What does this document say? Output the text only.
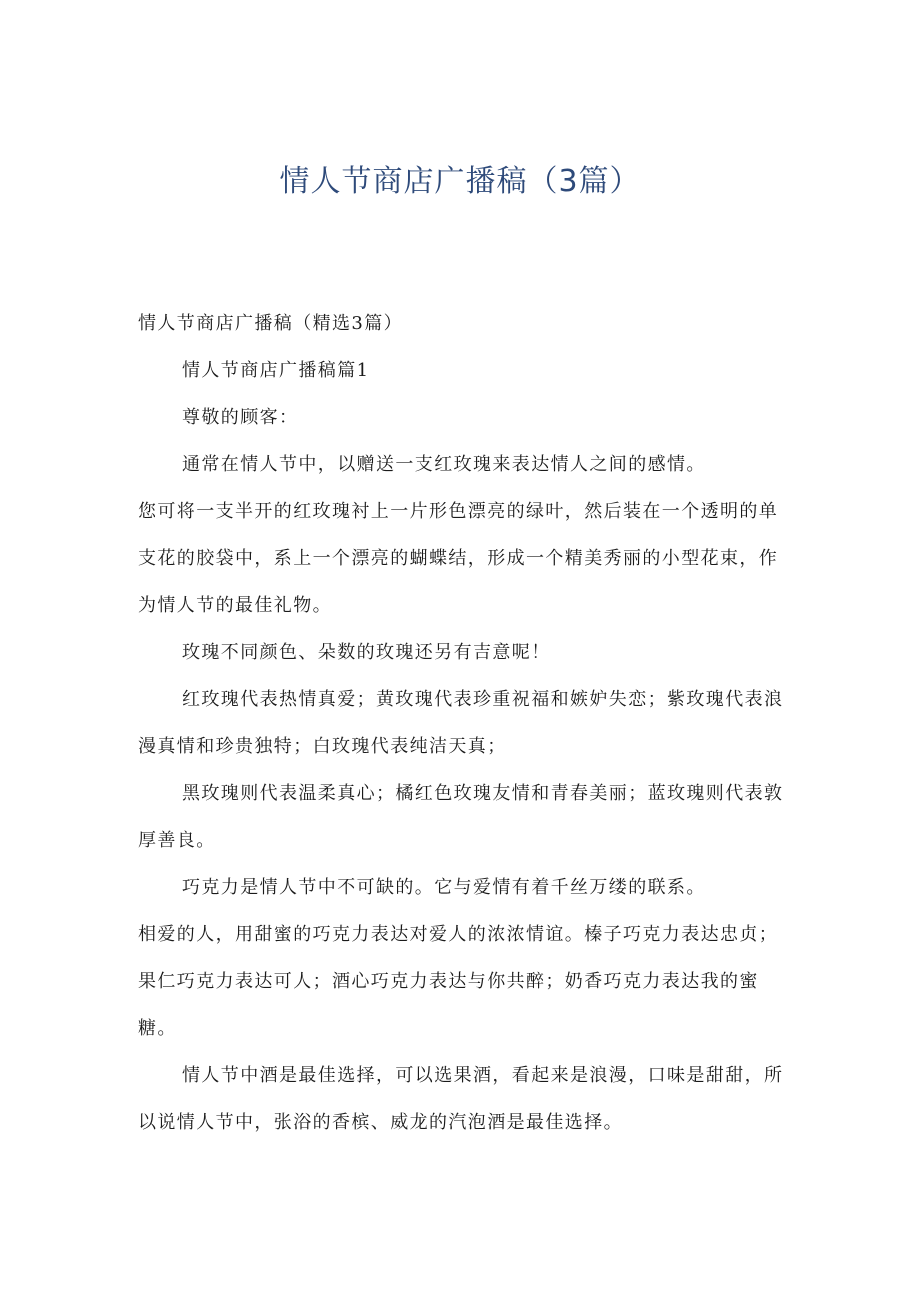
情人节商店广播稿（3篇）

情人节商店广播稿（精选3篇）

情人节商店广播稿篇1

尊敬的顾客：

通常在情人节中，以赠送一支红玫瑰来表达情人之间的感情。

您可将一支半开的红玫瑰衬上一片形色漂亮的绿叶，然后装在一个透明的单支花的胶袋中，系上一个漂亮的蝴蝶结，形成一个精美秀丽的小型花束，作为情人节的最佳礼物。

玫瑰不同颜色、朵数的玫瑰还另有吉意呢！

红玫瑰代表热情真爱；黄玫瑰代表珍重祝福和嫉妒失恋；紫玫瑰代表浪漫真情和珍贵独特；白玫瑰代表纯洁天真；

黑玫瑰则代表温柔真心；橘红色玫瑰友情和青春美丽；蓝玫瑰则代表敦厚善良。

巧克力是情人节中不可缺的。它与爱情有着千丝万缕的联系。

相爱的人，用甜蜜的巧克力表达对爱人的浓浓情谊。榛子巧克力表达忠贞；果仁巧克力表达可人；酒心巧克力表达与你共醉；奶香巧克力表达我的蜜糖。

情人节中酒是最佳选择，可以选果酒，看起来是浪漫，口味是甜甜，所以说情人节中，张浴的香槟、威龙的汽泡酒是最佳选择。
